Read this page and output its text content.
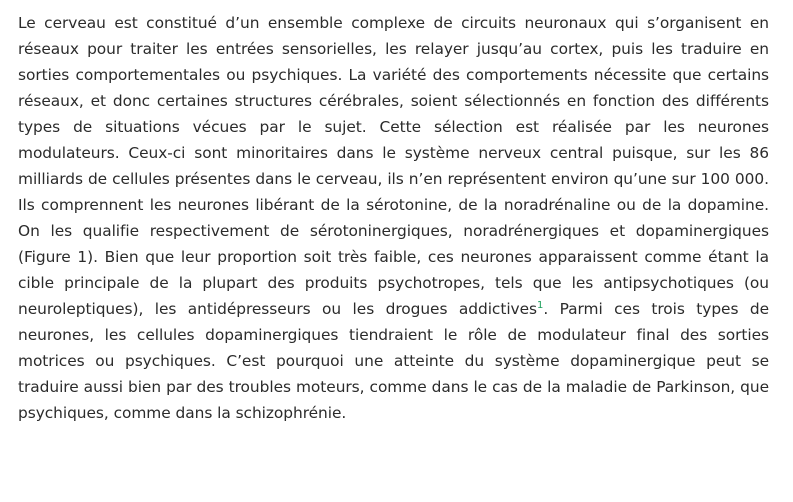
Le cerveau est constitué d’un ensemble complexe de circuits neuronaux qui s’organisent en réseaux pour traiter les entrées sensorielles, les relayer jusqu’au cortex, puis les traduire en sorties comportementales ou psychiques. La variété des comportements nécessite que certains réseaux, et donc certaines structures cérébrales, soient sélectionnés en fonction des différents types de situations vécues par le sujet. Cette sélection est réalisée par les neurones modulateurs. Ceux-ci sont minoritaires dans le système nerveux central puisque, sur les 86 milliards de cellules présentes dans le cerveau, ils n’en représentent environ qu’une sur 100 000. Ils comprennent les neurones libérant de la sérotonine, de la noradrénaline ou de la dopamine. On les qualifie respectivement de sérotoninergiques, noradrénergiques et dopaminergiques (Figure 1). Bien que leur proportion soit très faible, ces neurones apparaissent comme étant la cible principale de la plupart des produits psychotropes, tels que les antipsychotiques (ou neuroleptiques), les antidépresseurs ou les drogues addictives$^1$. Parmi ces trois types de neurones, les cellules dopaminergiques tiendraient le rôle de modulateur final des sorties motrices ou psychiques. C’est pourquoi une atteinte du système dopaminergique peut se traduire aussi bien par des troubles moteurs, comme dans le cas de la maladie de Parkinson, que psychiques, comme dans la schizophrénie.
